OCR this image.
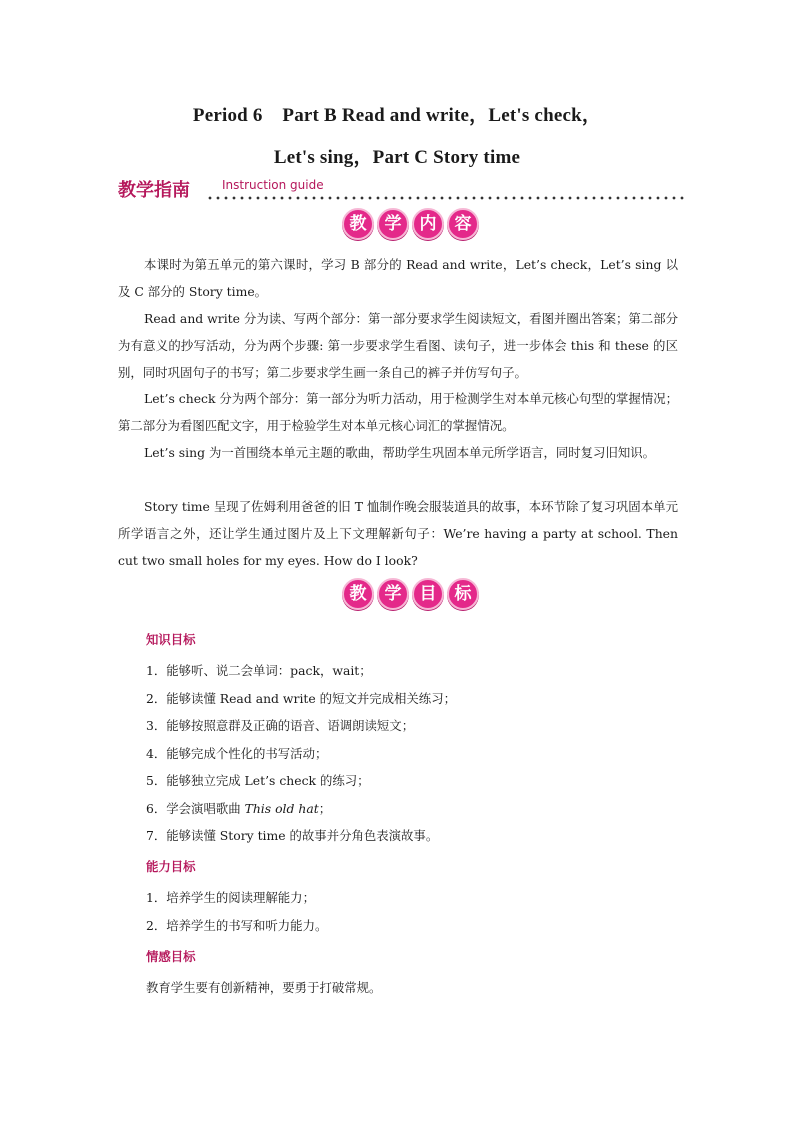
Period 6    Part B Read and write，Let's check，
Let's sing，Part C Story time
教学指南	Instruction guide
教	学	内	容
本课时为第五单元的第六课时，学习 B 部分的 Read and write，Let’s check，Let’s sing 以及 C 部分的 Story time。
Read and write 分为读、写两个部分：第一部分要求学生阅读短文，看图并圈出答案；第二部分为有意义的抄写活动，分为两个步骤: 第一步要求学生看图、读句子，进一步体会 this 和 these 的区别，同时巩固句子的书写；第二步要求学生画一条自己的裤子并仿写句子。
Let’s check 分为两个部分：第一部分为听力活动，用于检测学生对本单元核心句型的掌握情况；第二部分为看图匹配文字，用于检验学生对本单元核心词汇的掌握情况。
Let’s sing 为一首围绕本单元主题的歌曲，帮助学生巩固本单元所学语言，同时复习旧知识。
Story time 呈现了佐姆利用爸爸的旧 T 恤制作晚会服装道具的故事，本环节除了复习巩固本单元所学语言之外，还让学生通过图片及上下文理解新句子：We’re having a party at school. Then cut two small holes for my eyes. How do I look?
教	学	目	标
知识目标
1．能够听、说二会单词：pack，wait；
2．能够读懂 Read and write 的短文并完成相关练习；
3．能够按照意群及正确的语音、语调朗读短文；
4．能够完成个性化的书写活动；
5．能够独立完成 Let’s check 的练习；
6．学会演唱歌曲 This old hat；
7．能够读懂 Story time 的故事并分角色表演故事。
能力目标
1．培养学生的阅读理解能力；
2．培养学生的书写和听力能力。
情感目标
教育学生要有创新精神，要勇于打破常规。
